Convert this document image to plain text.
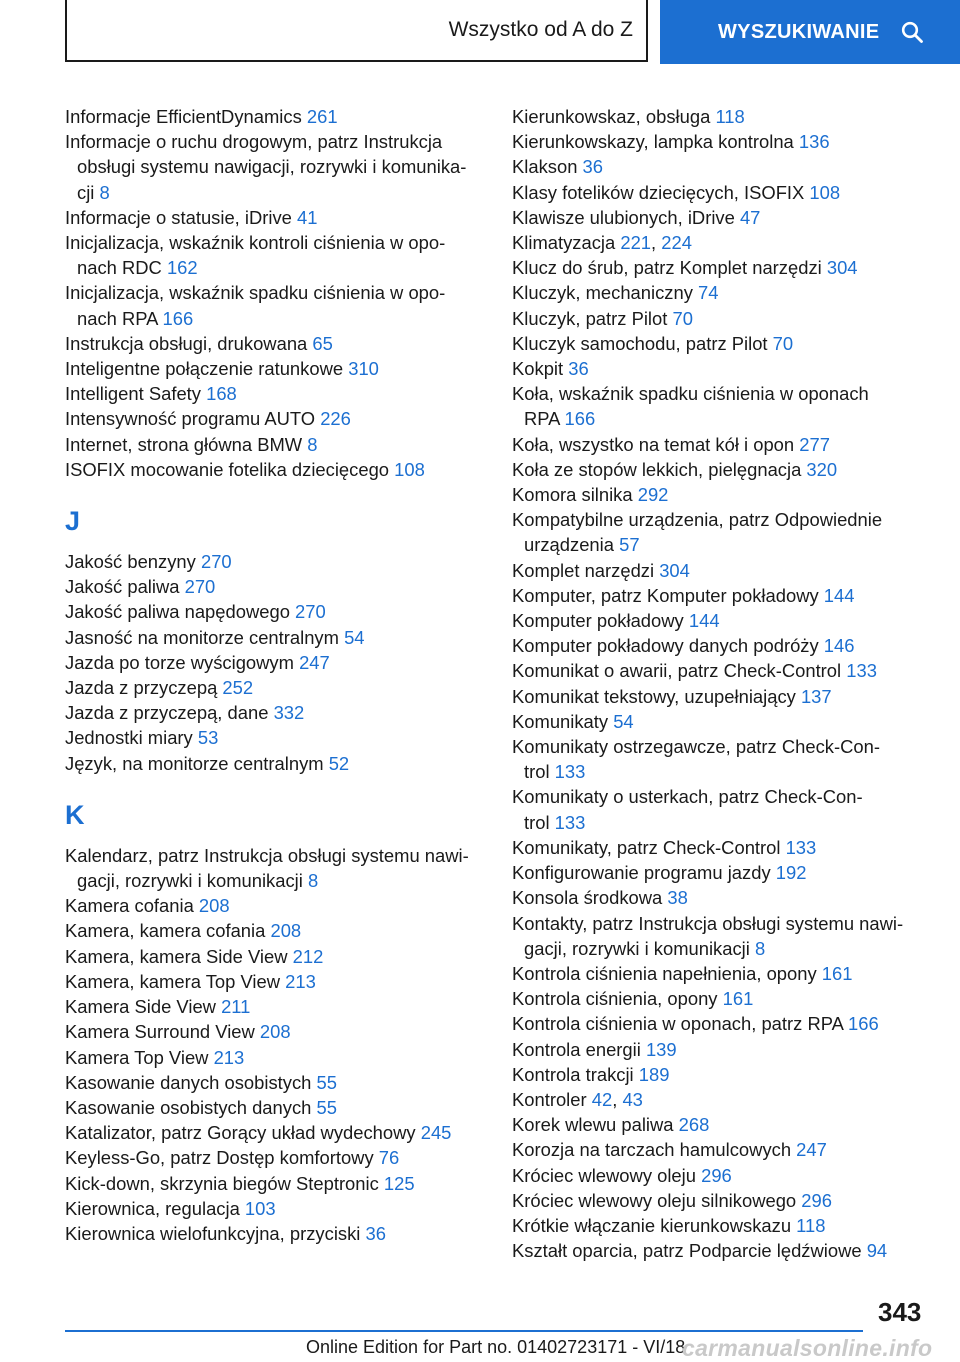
Wszystko od A do Z	WYSZUKIWANIE
Informacje EfficientDynamics 261
Informacje o ruchu drogowym, patrz Instrukcja
obsługi systemu nawigacji, rozrywki i komunika-
cji 8
Informacje o statusie, iDrive 41
Inicjalizacja, wskaźnik kontroli ciśnienia w opo-
nach RDC 162
Inicjalizacja, wskaźnik spadku ciśnienia w opo-
nach RPA 166
Instrukcja obsługi, drukowana 65
Inteligentne połączenie ratunkowe 310
Intelligent Safety 168
Intensywność programu AUTO 226
Internet, strona główna BMW 8
ISOFIX mocowanie fotelika dziecięcego 108
J
Jakość benzyny 270
Jakość paliwa 270
Jakość paliwa napędowego 270
Jasność na monitorze centralnym 54
Jazda po torze wyścigowym 247
Jazda z przyczepą 252
Jazda z przyczepą, dane 332
Jednostki miary 53
Język, na monitorze centralnym 52
K
Kalendarz, patrz Instrukcja obsługi systemu nawi-
gacji, rozrywki i komunikacji 8
Kamera cofania 208
Kamera, kamera cofania 208
Kamera, kamera Side View 212
Kamera, kamera Top View 213
Kamera Side View 211
Kamera Surround View 208
Kamera Top View 213
Kasowanie danych osobistych 55
Kasowanie osobistych danych 55
Katalizator, patrz Gorący układ wydechowy 245
Keyless-Go, patrz Dostęp komfortowy 76
Kick-down, skrzynia biegów Steptronic 125
Kierownica, regulacja 103
Kierownica wielofunkcyjna, przyciski 36
Kierunkowskaz, obsługa 118
Kierunkowskazy, lampka kontrolna 136
Klakson 36
Klasy fotelików dziecięcych, ISOFIX 108
Klawisze ulubionych, iDrive 47
Klimatyzacja 221, 224
Klucz do śrub, patrz Komplet narzędzi 304
Kluczyk, mechaniczny 74
Kluczyk, patrz Pilot 70
Kluczyk samochodu, patrz Pilot 70
Kokpit 36
Koła, wskaźnik spadku ciśnienia w oponach
RPA 166
Koła, wszystko na temat kół i opon 277
Koła ze stopów lekkich, pielęgnacja 320
Komora silnika 292
Kompatybilne urządzenia, patrz Odpowiednie
urządzenia 57
Komplet narzędzi 304
Komputer, patrz Komputer pokładowy 144
Komputer pokładowy 144
Komputer pokładowy danych podróży 146
Komunikat o awarii, patrz Check-Control 133
Komunikat tekstowy, uzupełniający 137
Komunikaty 54
Komunikaty ostrzegawcze, patrz Check-Con-
trol 133
Komunikaty o usterkach, patrz Check-Con-
trol 133
Komunikaty, patrz Check-Control 133
Konfigurowanie programu jazdy 192
Konsola środkowa 38
Kontakty, patrz Instrukcja obsługi systemu nawi-
gacji, rozrywki i komunikacji 8
Kontrola ciśnienia napełnienia, opony 161
Kontrola ciśnienia, opony 161
Kontrola ciśnienia w oponach, patrz RPA 166
Kontrola energii 139
Kontrola trakcji 189
Kontroler 42, 43
Korek wlewu paliwa 268
Korozja na tarczach hamulcowych 247
Króciec wlewowy oleju 296
Króciec wlewowy oleju silnikowego 296
Krótkie włączanie kierunkowskazu 118
Kształt oparcia, patrz Podparcie lędźwiowe 94
343
Online Edition for Part no. 01402723171 - VI/18
carmanualsonline.info
